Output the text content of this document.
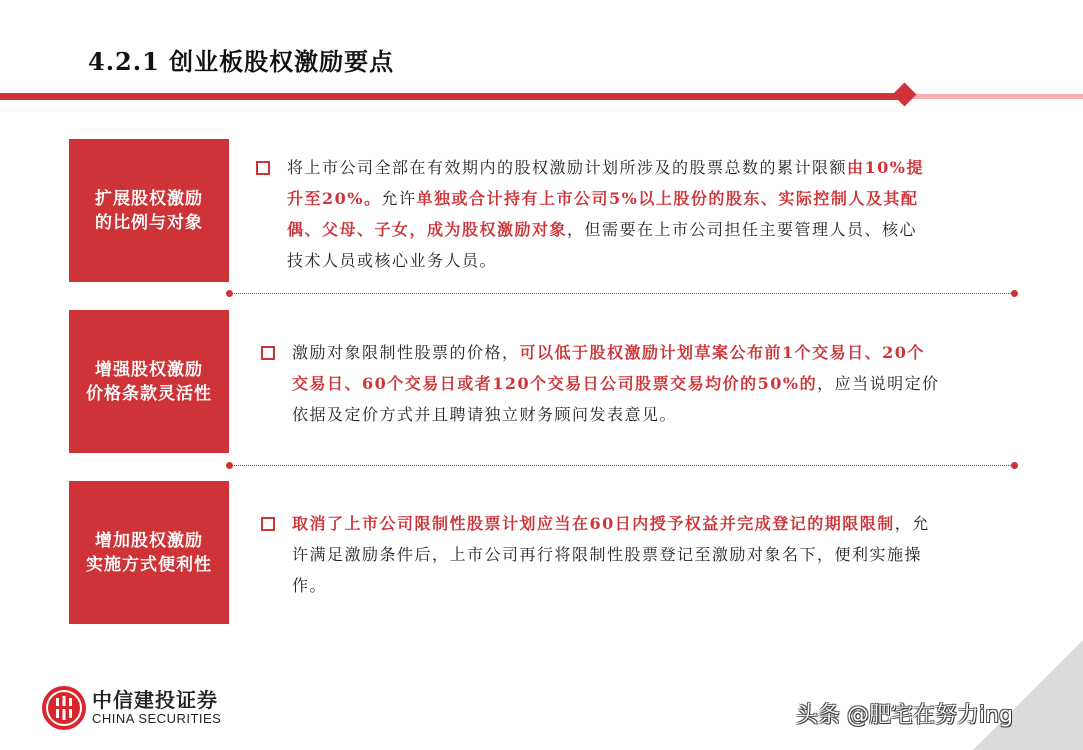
4.2.1 创业板股权激励要点
扩展股权激励
的比例与对象
将上市公司全部在有效期内的股权激励计划所涉及的股票总数的累计限额由10%提
升至20%。允许单独或合计持有上市公司5%以上股份的股东、实际控制人及其配
偶、父母、子女，成为股权激励对象，但需要在上市公司担任主要管理人员、核心
技术人员或核心业务人员。
增强股权激励
价格条款灵活性
激励对象限制性股票的价格，可以低于股权激励计划草案公布前1个交易日、20个
交易日、60个交易日或者120个交易日公司股票交易均价的50%的，应当说明定价
依据及定价方式并且聘请独立财务顾问发表意见。
增加股权激励
实施方式便利性
取消了上市公司限制性股票计划应当在60日内授予权益并完成登记的期限限制，允
许满足激励条件后，上市公司再行将限制性股票登记至激励对象名下，便利实施操
作。
中信建投证券
CHINA SECURITIES	头条 @肥宅在努力ing
